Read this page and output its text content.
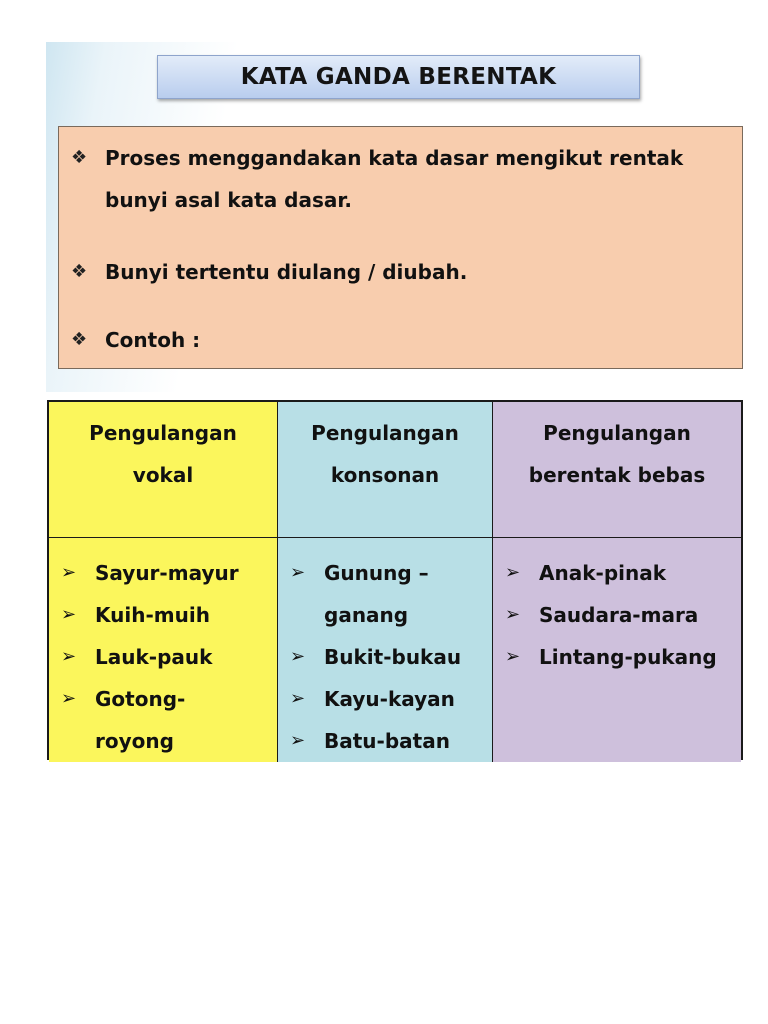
KATA GANDA BERENTAK
❖ Proses menggandakan kata dasar mengikut rentak bunyi asal kata dasar.
❖ Bunyi tertentu diulang / diubah.
❖ Contoh :
Pengulangan vokal
Pengulangan konsonan
Pengulangan berentak bebas
➢ Sayur-mayur
➢ Kuih-muih
➢ Lauk-pauk
➢ Gotong-royong
➢ Gunung – ganang
➢ Bukit-bukau
➢ Kayu-kayan
➢ Batu-batan
➢ Anak-pinak
➢ Saudara-mara
➢ Lintang-pukang
